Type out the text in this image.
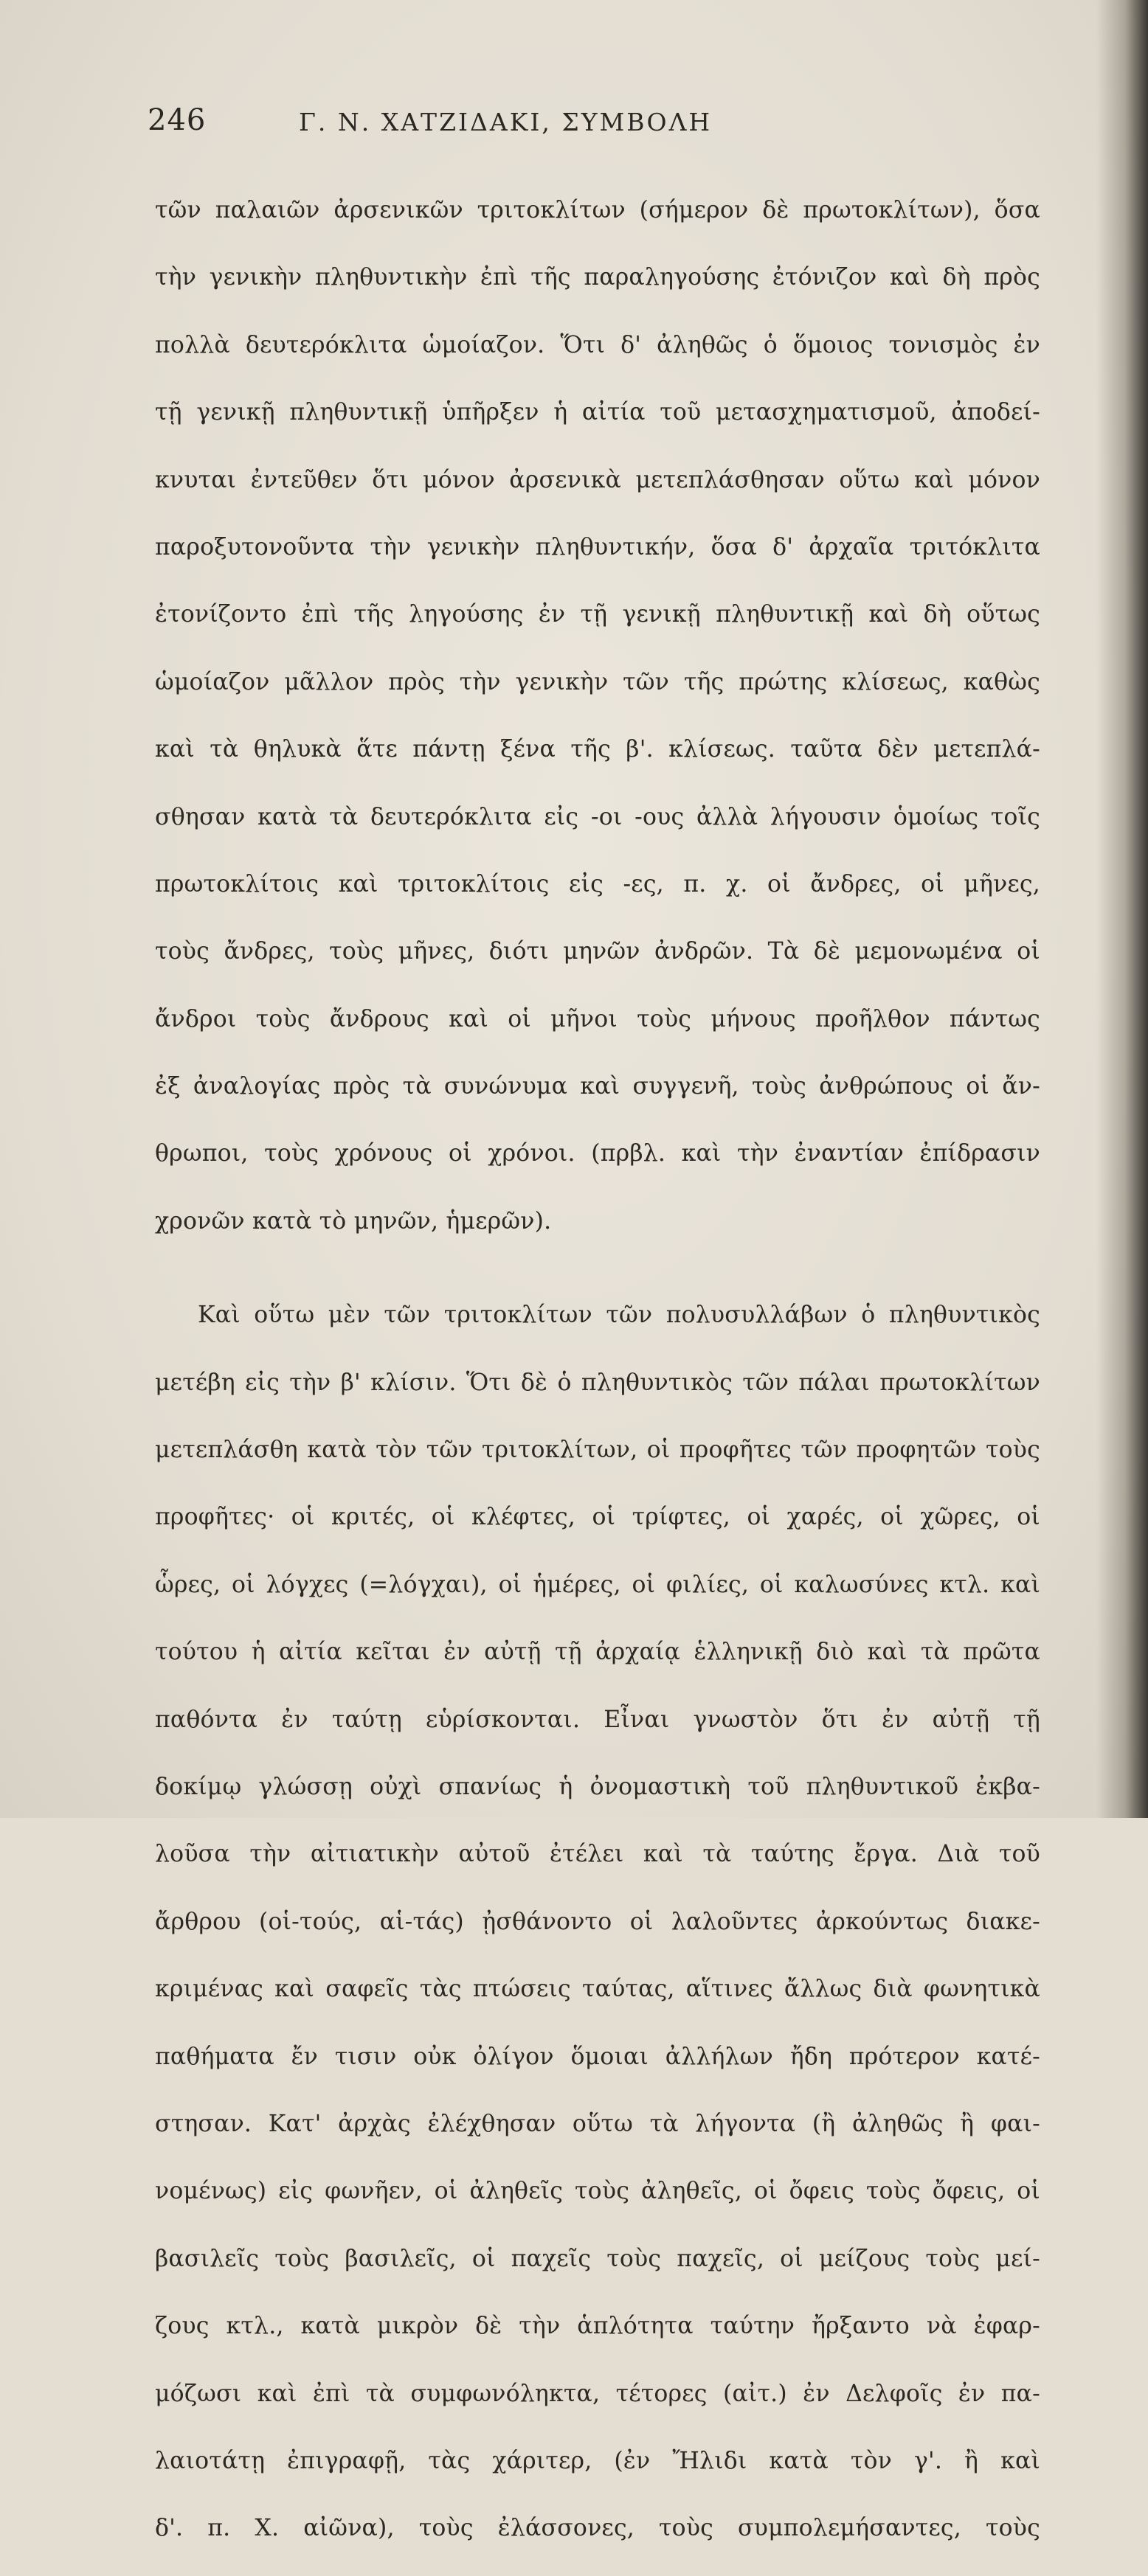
246	Γ. Ν. ΧΑΤΖΙΔΑΚΙ, ΣΥΜΒΟΛΗ

τῶν παλαιῶν ἀρσενικῶν τριτοκλίτων (σήμερον δὲ πρωτοκλίτων), ὅσα

τὴν γενικὴν πληθυντικὴν ἐπὶ τῆς παραληγούσης ἐτόνιζον καὶ δὴ πρὸς

πολλὰ δευτερόκλιτα ὡμοίαζον. Ὅτι δ' ἀληθῶς ὁ ὅμοιος τονισμὸς ἐν

τῇ γενικῇ πληθυντικῇ ὑπῆρξεν ἡ αἰτία τοῦ μετασχηματισμοῦ, ἀποδεί-

κνυται ἐντεῦθεν ὅτι μόνον ἀρσενικὰ μετεπλάσθησαν οὕτω καὶ μόνον

παροξυτονοῦντα τὴν γενικὴν πληθυντικήν, ὅσα δ' ἀρχαῖα τριτόκλιτα

ἐτονίζοντο ἐπὶ τῆς ληγούσης ἐν τῇ γενικῇ πληθυντικῇ καὶ δὴ οὕτως

ὡμοίαζον μᾶλλον πρὸς τὴν γενικὴν τῶν τῆς πρώτης κλίσεως, καθὼς

καὶ τὰ θηλυκὰ ἅτε πάντῃ ξένα τῆς β'. κλίσεως. ταῦτα δὲν μετεπλά-

σθησαν κατὰ τὰ δευτερόκλιτα εἰς -οι -ους ἀλλὰ λήγουσιν ὁμοίως τοῖς

πρωτοκλίτοις καὶ τριτοκλίτοις εἰς -ες, π. χ. οἱ ἄνδρες, οἱ μῆνες,

τοὺς ἄνδρες, τοὺς μῆνες, διότι μηνῶν ἀνδρῶν. Τὰ δὲ μεμονωμένα οἱ

ἄνδροι τοὺς ἄνδρους καὶ οἱ μῆνοι τοὺς μήνους προῆλθον πάντως

ἐξ ἀναλογίας πρὸς τὰ συνώνυμα καὶ συγγενῆ, τοὺς ἀνθρώπους οἱ ἄν-

θρωποι, τοὺς χρόνους οἱ χρόνοι. (πρβλ. καὶ τὴν ἐναντίαν ἐπίδρασιν

χρονῶν κατὰ τὸ μηνῶν, ἡμερῶν).

Καὶ οὕτω μὲν τῶν τριτοκλίτων τῶν πολυσυλλάβων ὁ πληθυντικὸς

μετέβη εἰς τὴν β' κλίσιν. Ὅτι δὲ ὁ πληθυντικὸς τῶν πάλαι πρωτοκλίτων

μετεπλάσθη κατὰ τὸν τῶν τριτοκλίτων, οἱ προφῆτες τῶν προφητῶν τοὺς

προφῆτες· οἱ κριτές, οἱ κλέφτες, οἱ τρίφτες, οἱ χαρές, οἱ χῶρες, οἱ

ὧρες, οἱ λόγχες (=λόγχαι), οἱ ἡμέρες, οἱ φιλίες, οἱ καλωσύνες κτλ. καὶ

τούτου ἡ αἰτία κεῖται ἐν αὐτῇ τῇ ἀρχαίᾳ ἑλληνικῇ διὸ καὶ τὰ πρῶτα

παθόντα ἐν ταύτῃ εὑρίσκονται. Εἶναι γνωστὸν ὅτι ἐν αὐτῇ τῇ

δοκίμῳ γλώσσῃ οὐχὶ σπανίως ἡ ὀνομαστικὴ τοῦ πληθυντικοῦ ἐκβα-

λοῦσα τὴν αἰτιατικὴν αὐτοῦ ἐτέλει καὶ τὰ ταύτης ἔργα. Διὰ τοῦ

ἄρθρου (οἱ-τούς, αἱ-τάς) ᾐσθάνοντο οἱ λαλοῦντες ἀρκούντως διακε-

κριμένας καὶ σαφεῖς τὰς πτώσεις ταύτας, αἵτινες ἄλλως διὰ φωνητικὰ

παθήματα ἔν τισιν οὐκ ὀλίγον ὅμοιαι ἀλλήλων ἤδη πρότερον κατέ-

στησαν. Κατ' ἀρχὰς ἐλέχθησαν οὕτω τὰ λήγοντα (ἢ ἀληθῶς ἢ φαι-

νομένως) εἰς φωνῆεν, οἱ ἀληθεῖς τοὺς ἀληθεῖς, οἱ ὄφεις τοὺς ὄφεις, οἱ

βασιλεῖς τοὺς βασιλεῖς, οἱ παχεῖς τοὺς παχεῖς, οἱ μείζους τοὺς μεί-

ζους κτλ., κατὰ μικρὸν δὲ τὴν ἁπλότητα ταύτην ἤρξαντο νὰ ἐφαρ-

μόζωσι καὶ ἐπὶ τὰ συμφωνόληκτα, τέτορες (αἰτ.) ἐν Δελφοῖς ἐν πα-

λαιοτάτῃ ἐπιγραφῇ, τὰς χάριτερ, (ἐν Ἤλιδι κατὰ τὸν γ'. ἢ καὶ

δ'. π. Χ. αἰῶνα), τοὺς ἐλάσσονες, τοὺς συμπολεμήσαντες, τοὺς
